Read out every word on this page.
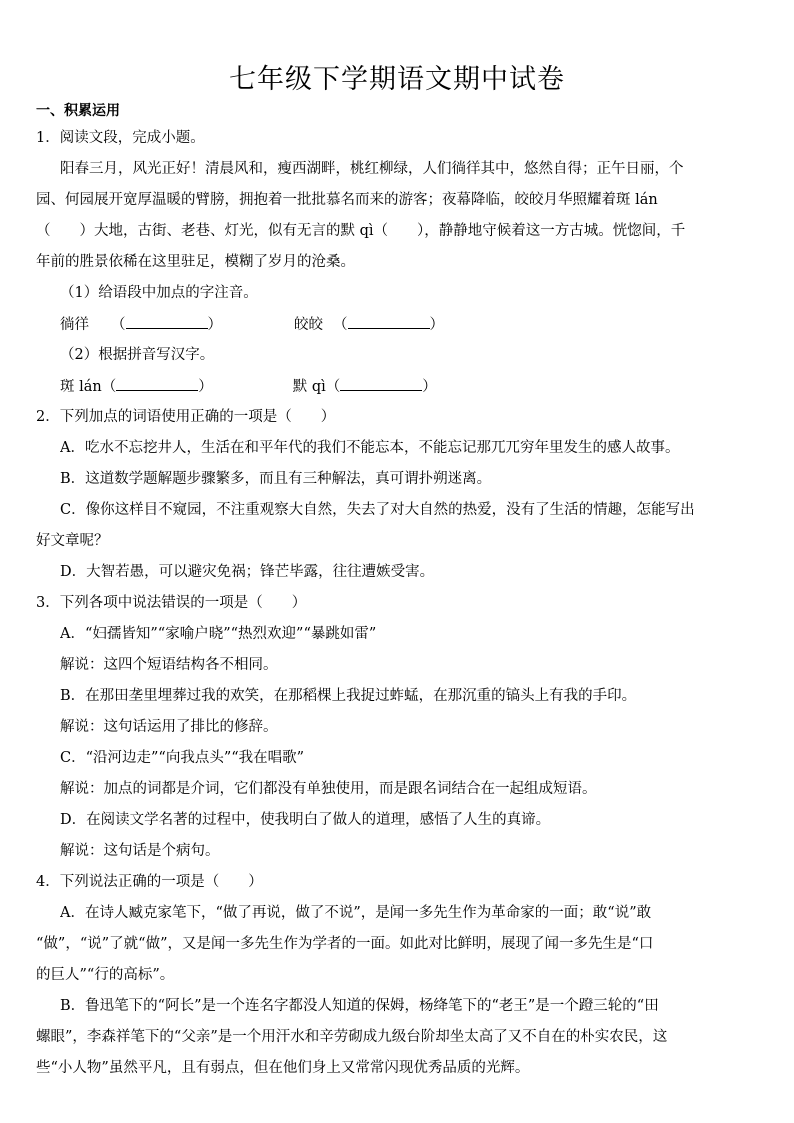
七年级下学期语文期中试卷
一、积累运用
1．阅读文段，完成小题。
阳春三月，风光正好！清晨风和，瘦西湖畔，桃红柳绿，人们徜徉其中，悠然自得；正午日丽，个
园、何园展开宽厚温暖的臂膀，拥抱着一批批慕名而来的游客；夜幕降临，皎皎月华照耀着斑 lán
（　　）大地，古街、老巷、灯光，似有无言的默 qì（　　），静静地守候着这一方古城。恍惚间，千
年前的胜景依稀在这里驻足，模糊了岁月的沧桑。
（1）给语段中加点的字注音。
徜徉 （	）	皎皎 （	）
（2）根据拼音写汉字。
斑 lán（	）	默 qì（	）
2．下列加点的词语使用正确的一项是（　　）
A．吃水不忘挖井人，生活在和平年代的我们不能忘本，不能忘记那兀兀穷年里发生的感人故事。
B．这道数学题解题步骤繁多，而且有三种解法，真可谓扑朔迷离。
C．像你这样目不窥园，不注重观察大自然，失去了对大自然的热爱，没有了生活的情趣，怎能写出
好文章呢？
D．大智若愚，可以避灾免祸；锋芒毕露，往往遭嫉受害。
3．下列各项中说法错误的一项是（　　）
A．“妇孺皆知”“家喻户晓”“热烈欢迎”“暴跳如雷”
解说：这四个短语结构各不相同。
B．在那田垄里埋葬过我的欢笑，在那稻棵上我捉过蚱蜢，在那沉重的镐头上有我的手印。
解说：这句话运用了排比的修辞。
C．“沿河边走”“向我点头”“我在唱歌”
解说：加点的词都是介词，它们都没有单独使用，而是跟名词结合在一起组成短语。
D．在阅读文学名著的过程中，使我明白了做人的道理，感悟了人生的真谛。
解说：这句话是个病句。
4．下列说法正确的一项是（　　）
A．在诗人臧克家笔下，“做了再说，做了不说”，是闻一多先生作为革命家的一面；敢“说”敢
“做”，“说”了就“做”，又是闻一多先生作为学者的一面。如此对比鲜明，展现了闻一多先生是“口
的巨人”“行的高标”。
B．鲁迅笔下的“阿长”是一个连名字都没人知道的保姆，杨绛笔下的“老王”是一个蹬三轮的“田
螺眼”，李森祥笔下的“父亲”是一个用汗水和辛劳砌成九级台阶却坐太高了又不自在的朴实农民，这
些“小人物”虽然平凡，且有弱点，但在他们身上又常常闪现优秀品质的光辉。
